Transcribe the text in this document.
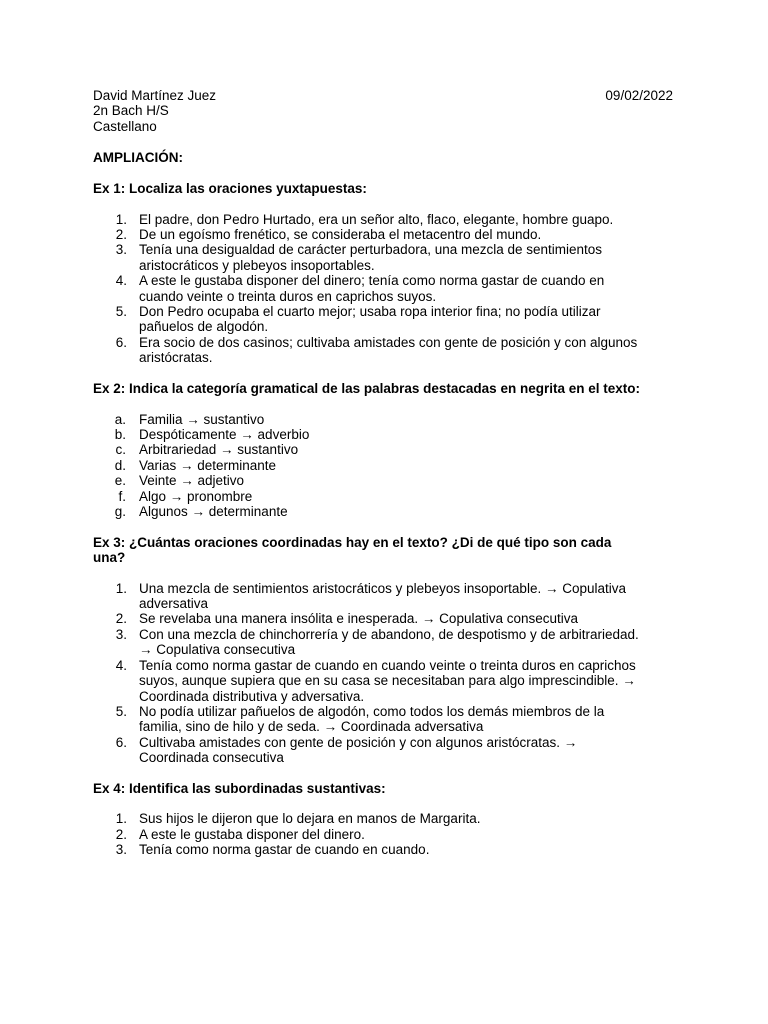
David Martínez Juez	09/02/2022
2n Bach H/S
Castellano
AMPLIACIÓN:
Ex 1: Localiza las oraciones yuxtapuestas:
1. El padre, don Pedro Hurtado, era un señor alto, flaco, elegante, hombre guapo.
2. De un egoísmo frenético, se consideraba el metacentro del mundo.
3. Tenía una desigualdad de carácter perturbadora, una mezcla de sentimientos
aristocráticos y plebeyos insoportables.
4. A este le gustaba disponer del dinero; tenía como norma gastar de cuando en
cuando veinte o treinta duros en caprichos suyos.
5. Don Pedro ocupaba el cuarto mejor; usaba ropa interior fina; no podía utilizar
pañuelos de algodón.
6. Era socio de dos casinos; cultivaba amistades con gente de posición y con algunos
aristócratas.
Ex 2: Indica la categoría gramatical de las palabras destacadas en negrita en el texto:
a. Familia → sustantivo
b. Despóticamente → adverbio
c. Arbitrariedad → sustantivo
d. Varias → determinante
e. Veinte → adjetivo
f. Algo → pronombre
g. Algunos → determinante
Ex 3: ¿Cuántas oraciones coordinadas hay en el texto? ¿Di de qué tipo son cada
una?
1. Una mezcla de sentimientos aristocráticos y plebeyos insoportable. → Copulativa
adversativa
2. Se revelaba una manera insólita e inesperada. → Copulativa consecutiva
3. Con una mezcla de chinchorrería y de abandono, de despotismo y de arbitrariedad.
→ Copulativa consecutiva
4. Tenía como norma gastar de cuando en cuando veinte o treinta duros en caprichos
suyos, aunque supiera que en su casa se necesitaban para algo imprescindible. →
Coordinada distributiva y adversativa.
5. No podía utilizar pañuelos de algodón, como todos los demás miembros de la
familia, sino de hilo y de seda. → Coordinada adversativa
6. Cultivaba amistades con gente de posición y con algunos aristócratas. →
Coordinada consecutiva
Ex 4: Identifica las subordinadas sustantivas:
1. Sus hijos le dijeron que lo dejara en manos de Margarita.
2. A este le gustaba disponer del dinero.
3. Tenía como norma gastar de cuando en cuando.
